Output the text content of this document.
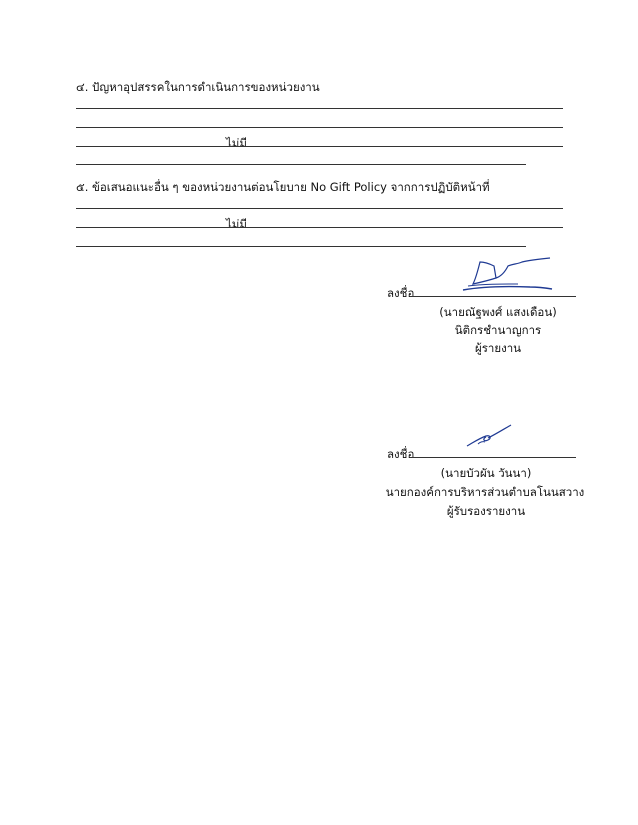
๔. ปัญหาอุปสรรคในการดำเนินการของหน่วยงาน
ไม่มี
๕. ข้อเสนอแนะอื่น ๆ ของหน่วยงานต่อนโยบาย No Gift Policy จากการปฏิบัติหน้าที่
ไม่มี
ลงชื่อ
(นายณัฐพงศ์ แสงเดือน)
นิติกรชำนาญการ
ผู้รายงาน
ลงชื่อ
(นายบัวผัน วันนา)
นายกองค์การบริหารส่วนตำบลโนนสวาง
ผู้รับรองรายงาน
